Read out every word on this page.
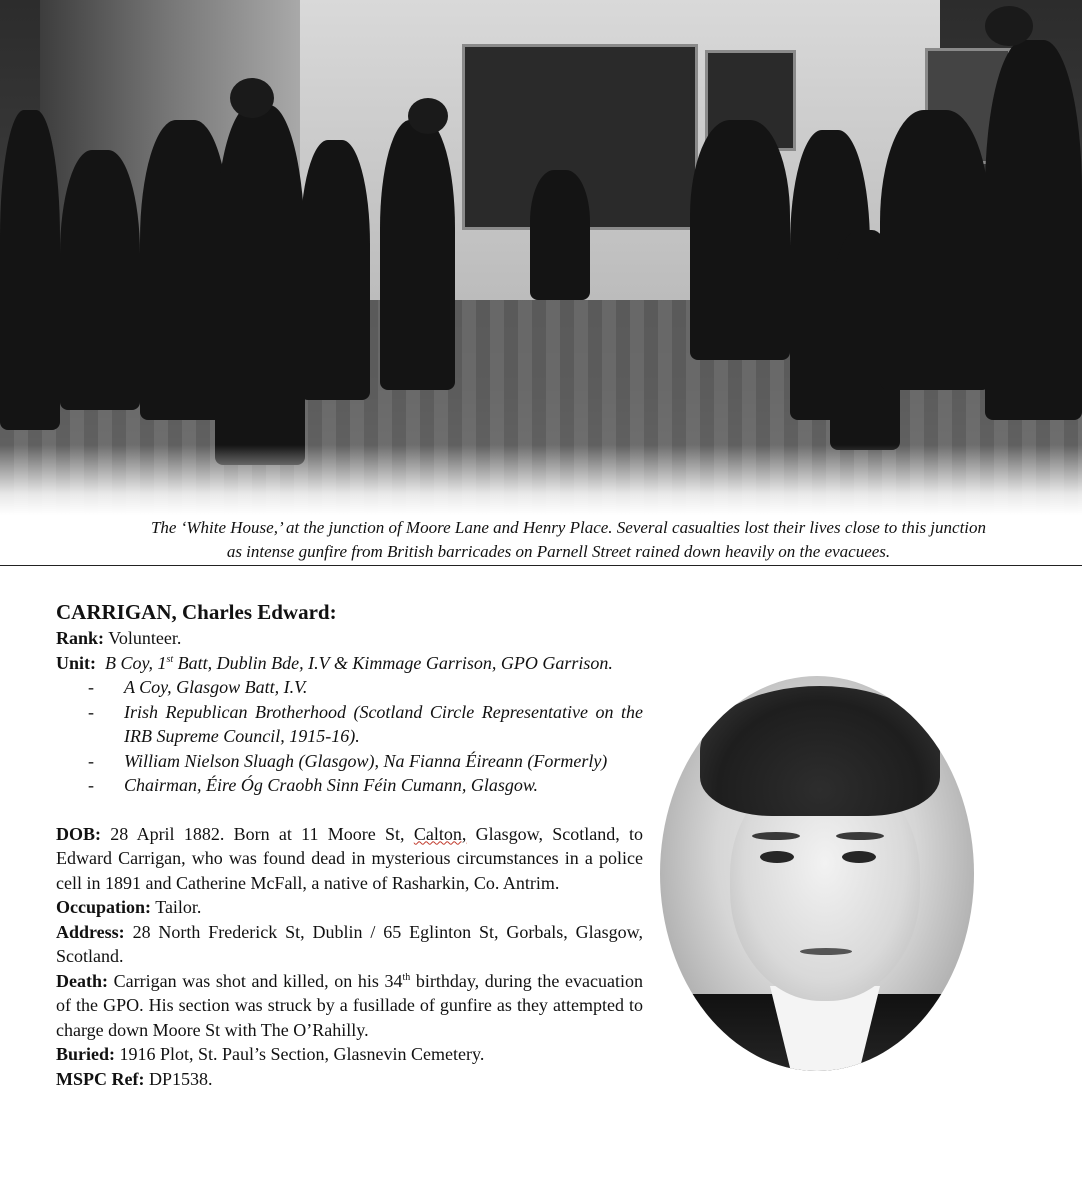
The ‘White House,’ at the junction of Moore Lane and Henry Place. Several casualties lost their lives close to this junction
as intense gunfire from British barricades on Parnell Street rained down heavily on the evacuees.

CARRIGAN, Charles Edward:

Rank: Volunteer.

Unit: B Coy, 1st Batt, Dublin Bde, I.V & Kimmage Garrison, GPO Garrison.

- A Coy, Glasgow Batt, I.V.
- Irish Republican Brotherhood (Scotland Circle Representative on the IRB Supreme Council, 1915-16).
- William Nielson Sluagh (Glasgow), Na Fianna Éireann (Formerly)
- Chairman, Éire Óg Craobh Sinn Féin Cumann, Glasgow.

DOB: 28 April 1882. Born at 11 Moore St, Calton, Glasgow, Scotland, to Edward Carrigan, who was found dead in mysterious circumstances in a police cell in 1891 and Catherine McFall, a native of Rasharkin, Co. Antrim.

Occupation: Tailor.

Address: 28 North Frederick St, Dublin / 65 Eglinton St, Gorbals, Glasgow, Scotland.

Death: Carrigan was shot and killed, on his 34th birthday, during the evacuation of the GPO. His section was struck by a fusillade of gunfire as they attempted to charge down Moore St with The O’Rahilly.

Buried: 1916 Plot, St. Paul’s Section, Glasnevin Cemetery.

MSPC Ref: DP1538.
